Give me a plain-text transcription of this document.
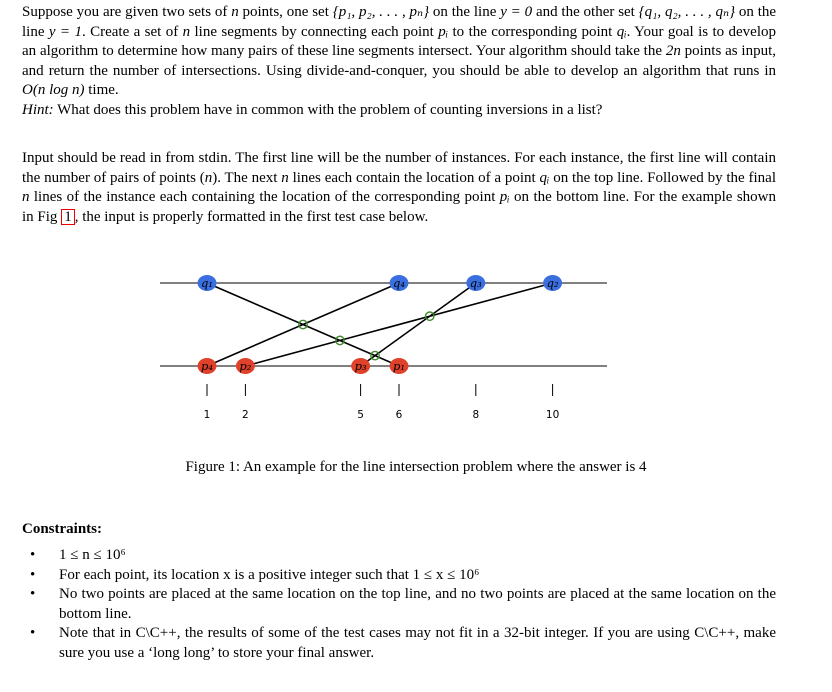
Suppose you are given two sets of n points, one set {p₁, p₂, . . . , pₙ} on the line y = 0 and the other set {q₁, q₂, . . . , qₙ} on the line y = 1. Create a set of n line segments by connecting each point pᵢ to the corresponding point qᵢ. Your goal is to develop an algorithm to determine how many pairs of these line segments intersect. Your algorithm should take the 2n points as input, and return the number of intersections. Using divide-and-conquer, you should be able to develop an algorithm that runs in O(n log n) time.
Hint: What does this problem have in common with the problem of counting inversions in a list?
Input should be read in from stdin. The first line will be the number of instances. For each instance, the first line will contain the number of pairs of points (n). The next n lines each contain the location of a point qᵢ on the top line. Followed by the final n lines of the instance each containing the location of the corresponding point pᵢ on the bottom line. For the example shown in Fig 1 , the input is properly formatted in the first test case below.
1	2	5	6	8	10
q₁	q₄	q₃	q₂
p₄ p₂	p₃ p₁
Figure 1: An example for the line intersection problem where the answer is 4
Constraints:
• 1 ≤ n ≤ 10⁶
• For each point, its location x is a positive integer such that 1 ≤ x ≤ 10⁶
• No two points are placed at the same location on the top line, and no two points are placed at the same location on the bottom line.
• Note that in C\C++, the results of some of the test cases may not fit in a 32-bit integer. If you are using C\C++, make sure you use a ‘long long’ to store your final answer.
